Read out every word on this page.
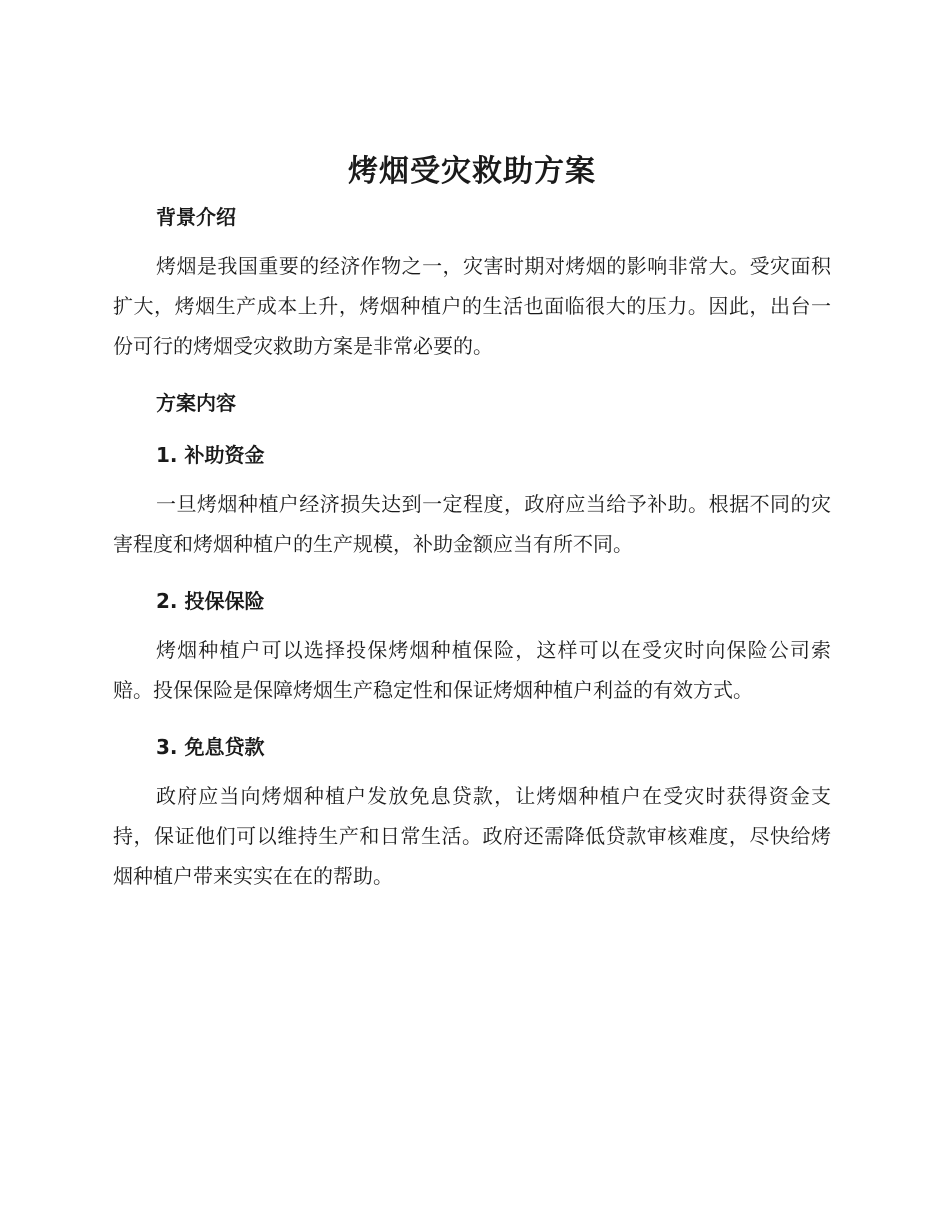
烤烟受灾救助方案
背景介绍

烤烟是我国重要的经济作物之一，灾害时期对烤烟的影响非常大。受灾面积扩大，烤烟生产成本上升，烤烟种植户的生活也面临很大的压力。因此，出台一份可行的烤烟受灾救助方案是非常必要的。

方案内容
1. 补助资金

一旦烤烟种植户经济损失达到一定程度，政府应当给予补助。根据不同的灾害程度和烤烟种植户的生产规模，补助金额应当有所不同。

2. 投保保险

烤烟种植户可以选择投保烤烟种植保险，这样可以在受灾时向保险公司索赔。投保保险是保障烤烟生产稳定性和保证烤烟种植户利益的有效方式。

3. 免息贷款

政府应当向烤烟种植户发放免息贷款，让烤烟种植户在受灾时获得资金支持，保证他们可以维持生产和日常生活。政府还需降低贷款审核难度，尽快给烤烟种植户带来实实在在的帮助。
